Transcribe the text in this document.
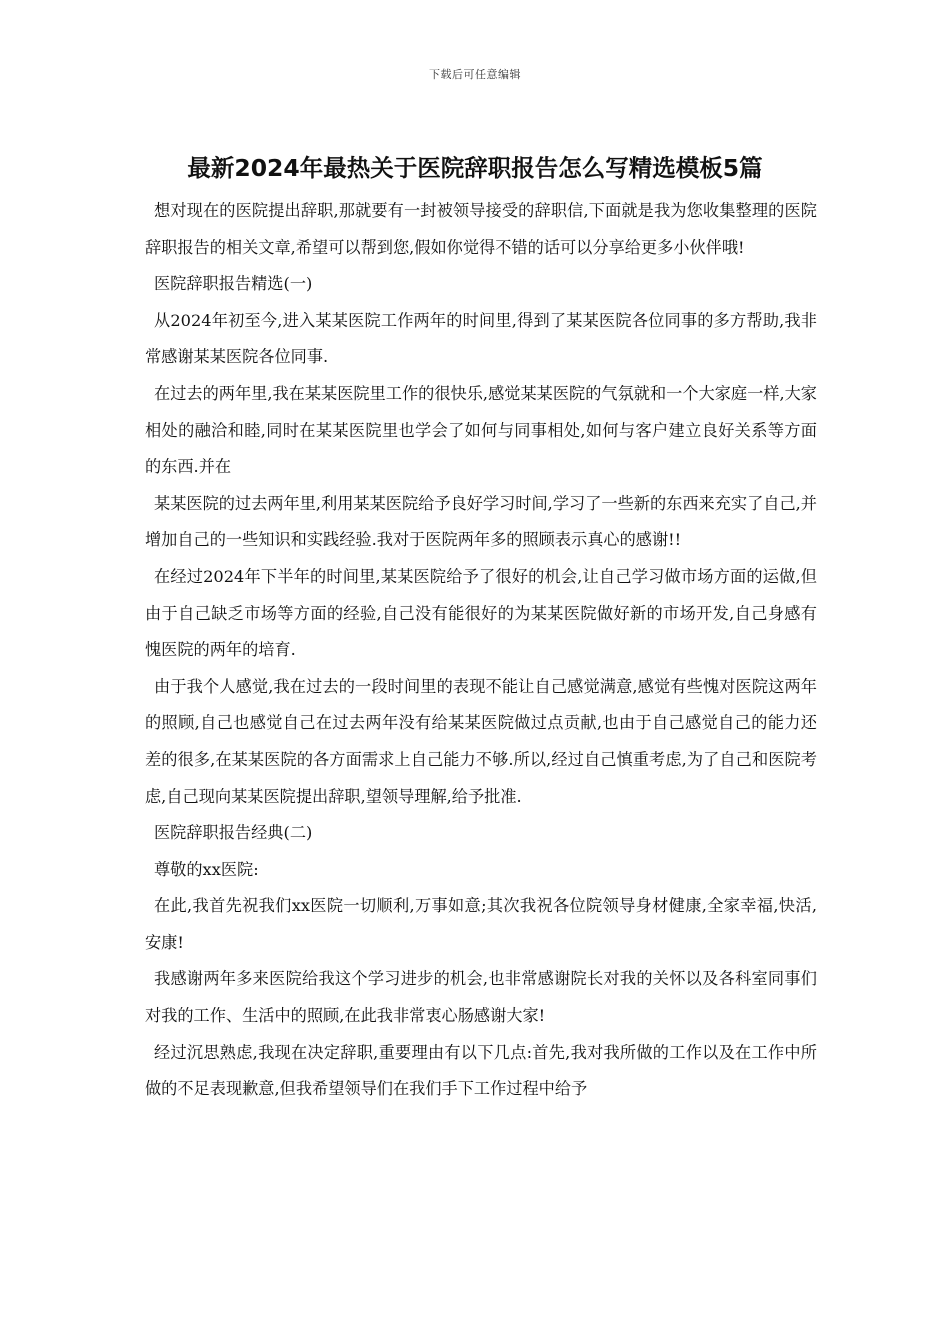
下载后可任意编辑
最新2024年最热关于医院辞职报告怎么写精选模板5篇

想对现在的医院提出辞职,那就要有一封被领导接受的辞职信,下面就是我为您收集整理的医院辞职报告的相关文章,希望可以帮到您,假如你觉得不错的话可以分享给更多小伙伴哦!

医院辞职报告精选(一)

从2024年初至今,进入某某医院工作两年的时间里,得到了某某医院各位同事的多方帮助,我非常感谢某某医院各位同事.

在过去的两年里,我在某某医院里工作的很快乐,感觉某某医院的气氛就和一个大家庭一样,大家相处的融洽和睦,同时在某某医院里也学会了如何与同事相处,如何与客户建立良好关系等方面的东西.并在

某某医院的过去两年里,利用某某医院给予良好学习时间,学习了一些新的东西来充实了自己,并增加自己的一些知识和实践经验.我对于医院两年多的照顾表示真心的感谢!!

在经过2024年下半年的时间里,某某医院给予了很好的机会,让自己学习做市场方面的运做,但由于自己缺乏市场等方面的经验,自己没有能很好的为某某医院做好新的市场开发,自己身感有愧医院的两年的培育.

由于我个人感觉,我在过去的一段时间里的表现不能让自己感觉满意,感觉有些愧对医院这两年的照顾,自己也感觉自己在过去两年没有给某某医院做过点贡献,也由于自己感觉自己的能力还差的很多,在某某医院的各方面需求上自己能力不够.所以,经过自己慎重考虑,为了自己和医院考虑,自己现向某某医院提出辞职,望领导理解,给予批准.

医院辞职报告经典(二)

尊敬的xx医院:

在此,我首先祝我们xx医院一切顺利,万事如意;其次我祝各位院领导身材健康,全家幸福,快活,安康!

我感谢两年多来医院给我这个学习进步的机会,也非常感谢院长对我的关怀以及各科室同事们对我的工作、生活中的照顾,在此我非常衷心肠感谢大家!

经过沉思熟虑,我现在决定辞职,重要理由有以下几点:首先,我对我所做的工作以及在工作中所做的不足表现歉意,但我希望领导们在我们手下工作过程中给予
